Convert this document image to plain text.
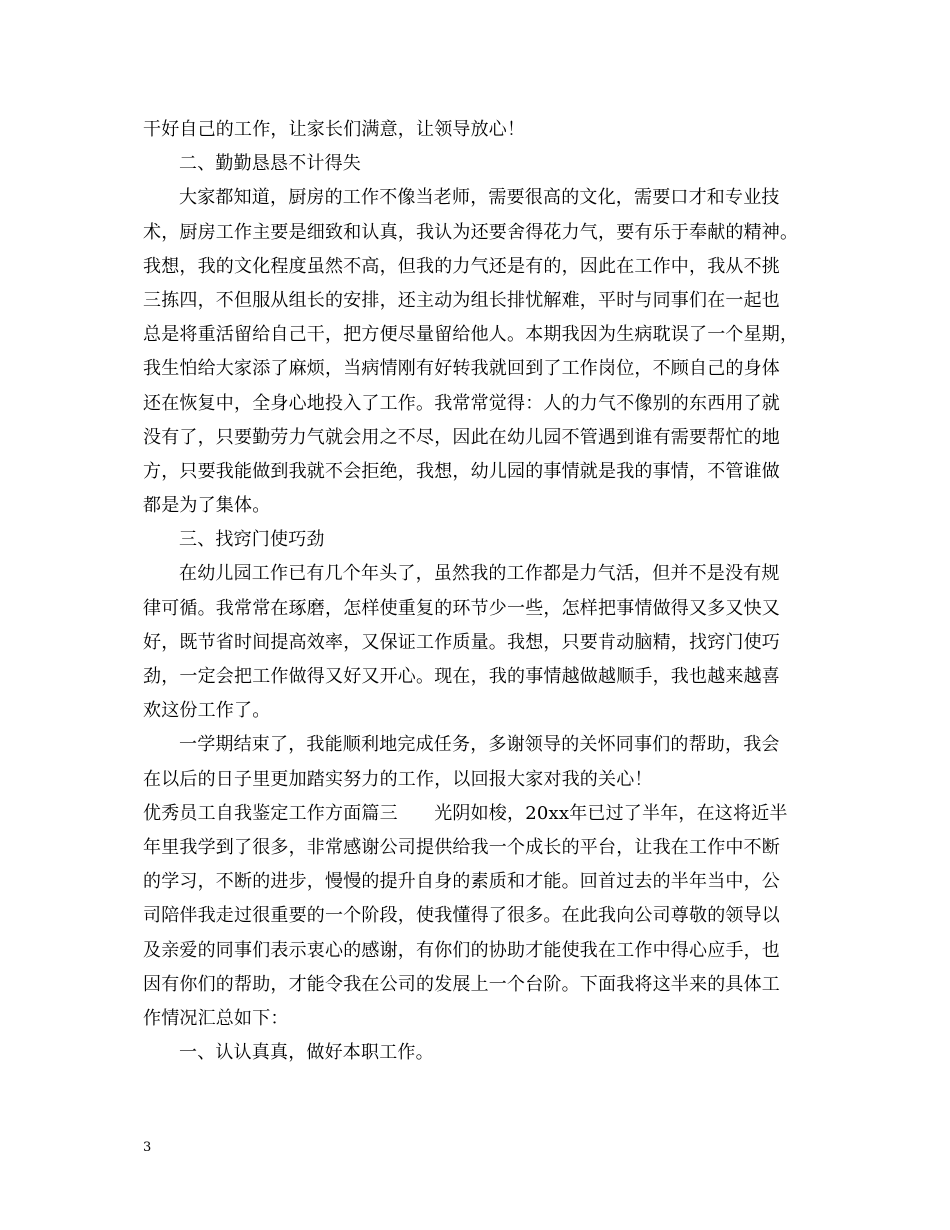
干好自己的工作，让家长们满意，让领导放心！
二、勤勤恳恳不计得失
大家都知道，厨房的工作不像当老师，需要很高的文化，需要口才和专业技
术，厨房工作主要是细致和认真，我认为还要舍得花力气，要有乐于奉献的精神。
我想，我的文化程度虽然不高，但我的力气还是有的，因此在工作中，我从不挑
三拣四，不但服从组长的安排，还主动为组长排忧解难，平时与同事们在一起也
总是将重活留给自己干，把方便尽量留给他人。本期我因为生病耽误了一个星期，
我生怕给大家添了麻烦，当病情刚有好转我就回到了工作岗位，不顾自己的身体
还在恢复中，全身心地投入了工作。我常常觉得：人的力气不像别的东西用了就
没有了，只要勤劳力气就会用之不尽，因此在幼儿园不管遇到谁有需要帮忙的地
方，只要我能做到我就不会拒绝，我想，幼儿园的事情就是我的事情，不管谁做
都是为了集体。
三、找窍门使巧劲
在幼儿园工作已有几个年头了，虽然我的工作都是力气活，但并不是没有规
律可循。我常常在琢磨，怎样使重复的环节少一些，怎样把事情做得又多又快又
好，既节省时间提高效率，又保证工作质量。我想，只要肯动脑精，找窍门使巧
劲，一定会把工作做得又好又开心。现在，我的事情越做越顺手，我也越来越喜
欢这份工作了。
一学期结束了，我能顺利地完成任务，多谢领导的关怀同事们的帮助，我会
在以后的日子里更加踏实努力的工作，以回报大家对我的关心！
优秀员工自我鉴定工作方面篇三　　光阴如梭，20xx年已过了半年，在这将近半
年里我学到了很多，非常感谢公司提供给我一个成长的平台，让我在工作中不断
的学习，不断的进步，慢慢的提升自身的素质和才能。回首过去的半年当中，公
司陪伴我走过很重要的一个阶段，使我懂得了很多。在此我向公司尊敬的领导以
及亲爱的同事们表示衷心的感谢，有你们的协助才能使我在工作中得心应手，也
因有你们的帮助，才能令我在公司的发展上一个台阶。下面我将这半来的具体工
作情况汇总如下：
一、认认真真，做好本职工作。
3
